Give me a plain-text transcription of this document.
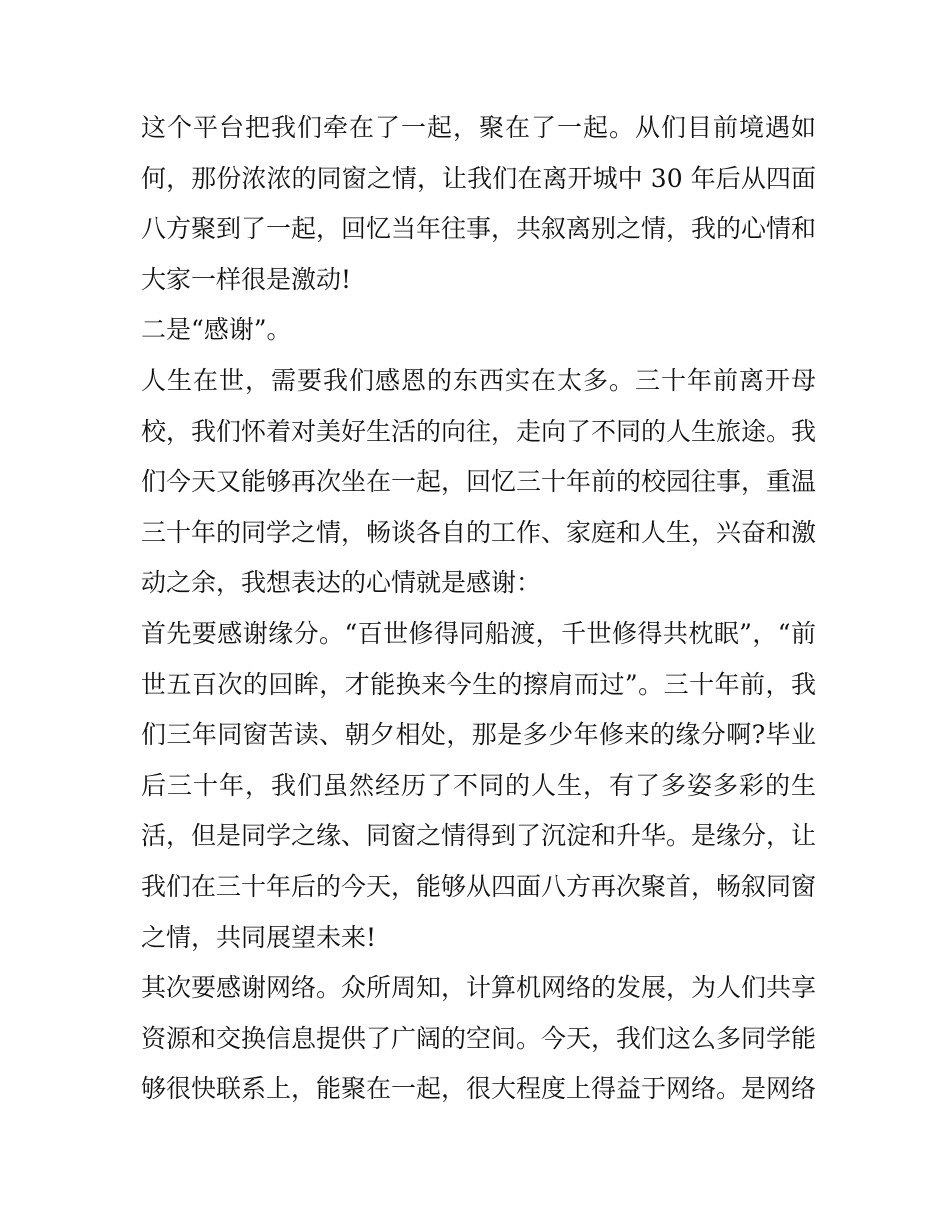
这个平台把我们牵在了一起，聚在了一起。从们目前境遇如
何，那份浓浓的同窗之情，让我们在离开城中 30 年后从四面
八方聚到了一起，回忆当年往事，共叙离别之情，我的心情和
大家一样很是激动!
二是“感谢”。
人生在世，需要我们感恩的东西实在太多。三十年前离开母
校，我们怀着对美好生活的向往，走向了不同的人生旅途。我
们今天又能够再次坐在一起，回忆三十年前的校园往事，重温
三十年的同学之情，畅谈各自的工作、家庭和人生，兴奋和激
动之余，我想表达的心情就是感谢：
首先要感谢缘分。“百世修得同船渡，千世修得共枕眠”，“前
世五百次的回眸，才能换来今生的擦肩而过”。三十年前，我
们三年同窗苦读、朝夕相处，那是多少年修来的缘分啊?毕业
后三十年，我们虽然经历了不同的人生，有了多姿多彩的生
活，但是同学之缘、同窗之情得到了沉淀和升华。是缘分，让
我们在三十年后的今天，能够从四面八方再次聚首，畅叙同窗
之情，共同展望未来!
其次要感谢网络。众所周知，计算机网络的发展，为人们共享
资源和交换信息提供了广阔的空间。今天，我们这么多同学能
够很快联系上，能聚在一起，很大程度上得益于网络。是网络
